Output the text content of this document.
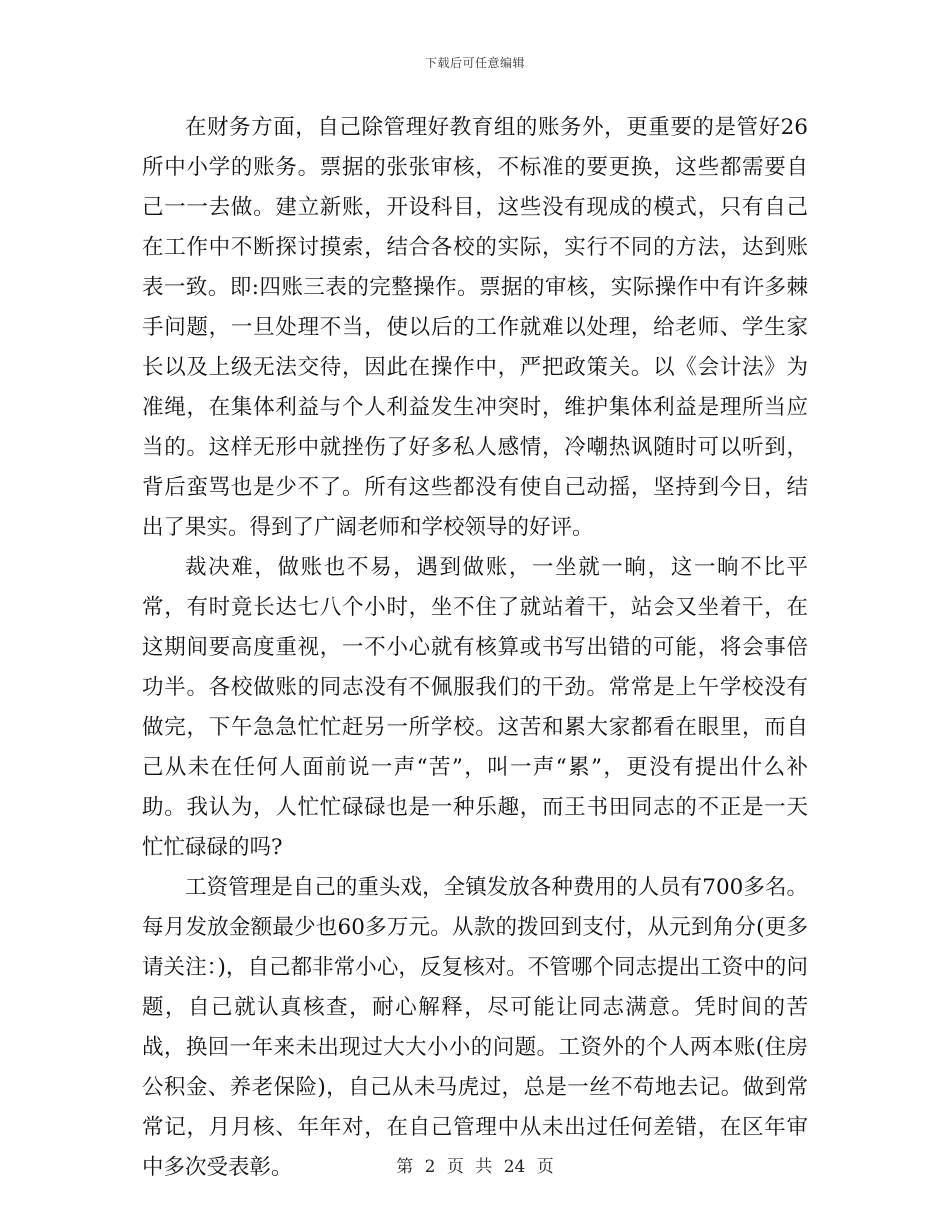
下载后可任意编辑

在财务方面，自己除管理好教育组的账务外，更重要的是管好26所中小学的账务。票据的张张审核，不标准的要更换，这些都需要自己一一去做。建立新账，开设科目，这些没有现成的模式，只有自己在工作中不断探讨摸索，结合各校的实际，实行不同的方法，达到账表一致。即:四账三表的完整操作。票据的审核，实际操作中有许多棘手问题，一旦处理不当，使以后的工作就难以处理，给老师、学生家长以及上级无法交待，因此在操作中，严把政策关。以《会计法》为准绳，在集体利益与个人利益发生冲突时，维护集体利益是理所当应当的。这样无形中就挫伤了好多私人感情，冷嘲热讽随时可以听到，背后蛮骂也是少不了。所有这些都没有使自己动摇，坚持到今日，结出了果实。得到了广阔老师和学校领导的好评。

裁决难，做账也不易，遇到做账，一坐就一晌，这一晌不比平常，有时竟长达七八个小时，坐不住了就站着干，站会又坐着干，在这期间要高度重视，一不小心就有核算或书写出错的可能，将会事倍功半。各校做账的同志没有不佩服我们的干劲。常常是上午学校没有做完，下午急急忙忙赶另一所学校。这苦和累大家都看在眼里，而自己从未在任何人面前说一声“苦”，叫一声“累”，更没有提出什么补助。我认为，人忙忙碌碌也是一种乐趣，而王书田同志的不正是一天忙忙碌碌的吗?

工资管理是自己的重头戏，全镇发放各种费用的人员有700多名。每月发放金额最少也60多万元。从款的拨回到支付，从元到角分(更多请关注：)，自己都非常小心，反复核对。不管哪个同志提出工资中的问题，自己就认真核查，耐心解释，尽可能让同志满意。凭时间的苦战，换回一年来未出现过大大小小的问题。工资外的个人两本账(住房公积金、养老保险)，自己从未马虎过，总是一丝不苟地去记。做到常常记，月月核、年年对，在自己管理中从未出过任何差错，在区年审中多次受表彰。	第 2 页 共 24 页
